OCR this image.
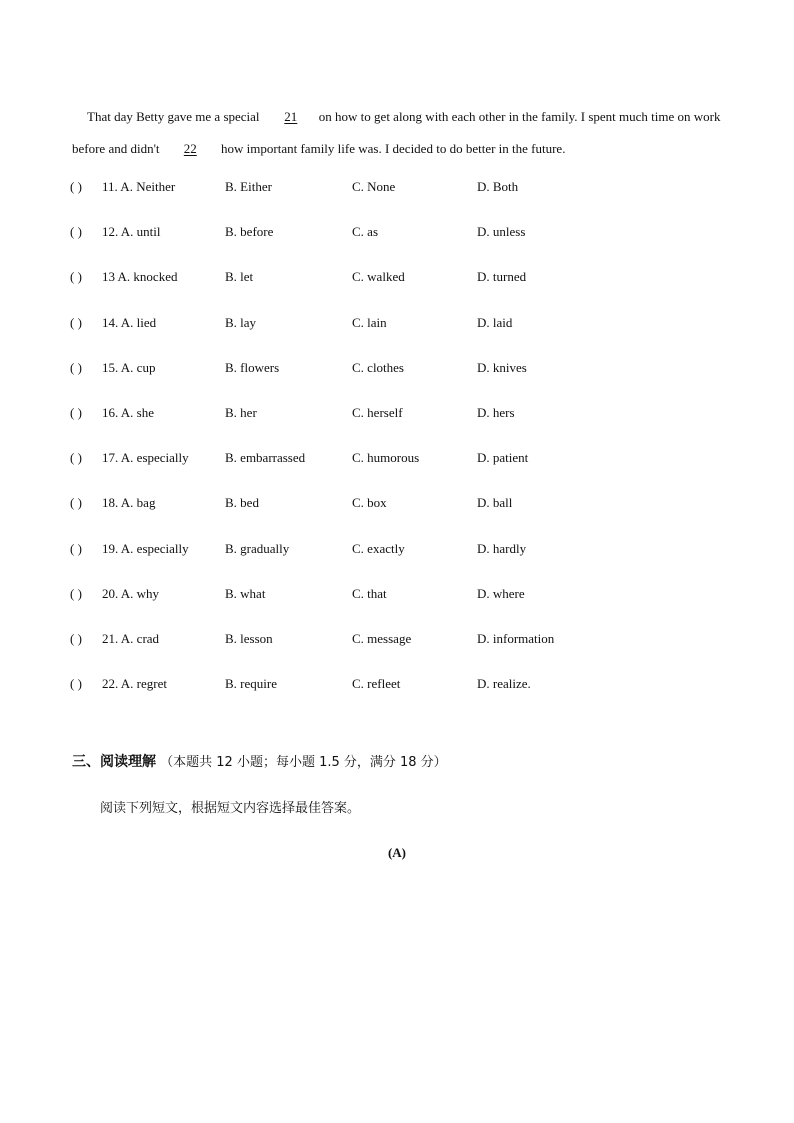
That day Betty gave me a special 21 on how to get along with each other in the family. I spent much time on work before and didn't 22 how important family life was. I decided to do better in the future.
( ) 11. A. Neither	B. Either	C. None	D. Both
( ) 12. A. until	B. before	C. as	D. unless
( ) 13 A. knocked	B. let	C. walked	D. turned
( ) 14. A. lied	B. lay	C. lain	D. laid
( ) 15. A. cup	B. flowers	C. clothes	D. knives
( ) 16. A. she	B. her	C. herself	D. hers
( ) 17. A. especially	B. embarrassed	C. humorous	D. patient
( ) 18. A. bag	B. bed	C. box	D. ball
( ) 19. A. especially	B. gradually	C. exactly	D. hardly
( ) 20. A. why	B. what	C. that	D. where
( ) 21. A. crad	B. lesson	C. message	D. information
( ) 22. A. regret	B. require	C. refleet	D. realize.
三、阅读理解 （本题共 12 小题；每小题 1.5 分，满分 18 分）
阅读下列短文，根据短文内容选择最佳答案。
(A)
